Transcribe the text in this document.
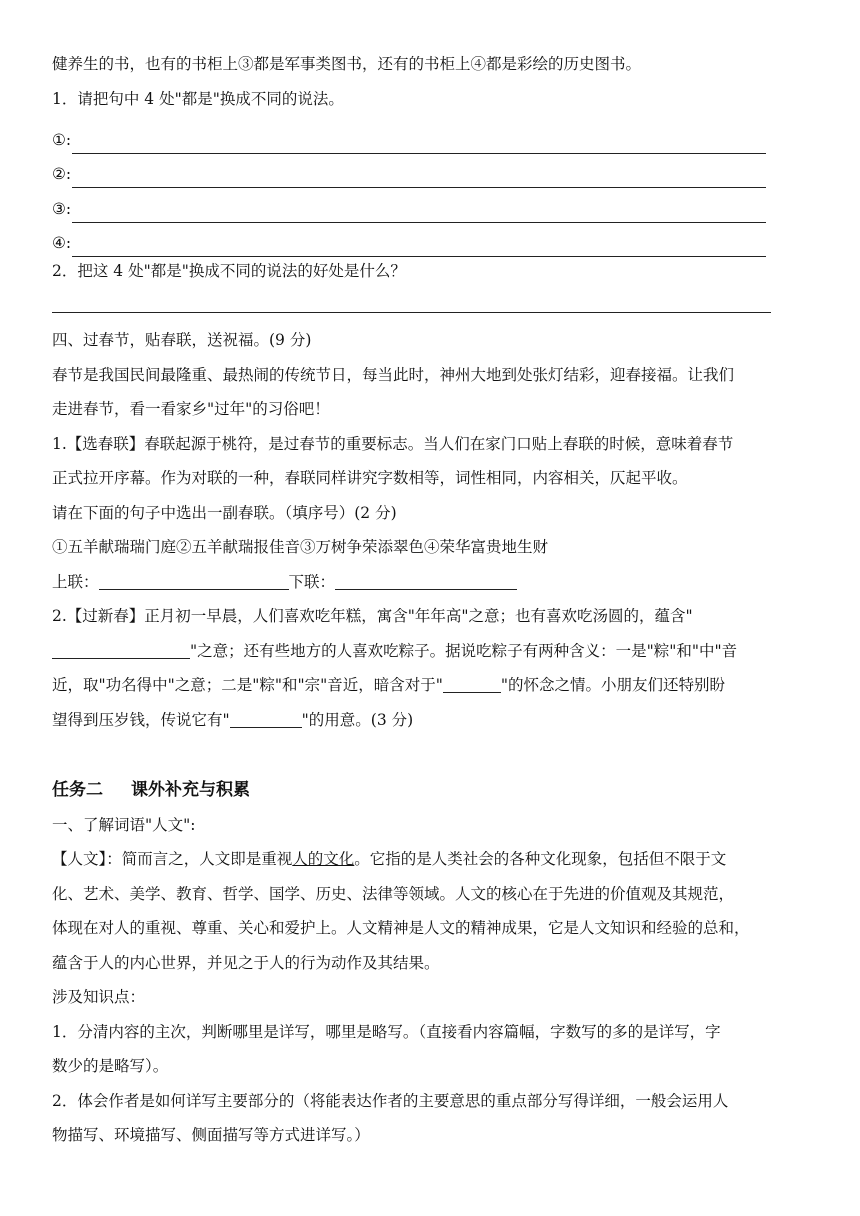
健养生的书，也有的书柜上③都是军事类图书，还有的书柜上④都是彩绘的历史图书。
1．请把句中 4 处"都是"换成不同的说法。
①:
②:
③:
④:
2．把这 4 处"都是"换成不同的说法的好处是什么？
四、过春节，贴春联，送祝福。(9 分)
春节是我国民间最隆重、最热闹的传统节日，每当此时，神州大地到处张灯结彩，迎春接福。让我们
走进春节，看一看家乡"过年"的习俗吧！
1.【选春联】春联起源于桃符，是过春节的重要标志。当人们在家门口贴上春联的时候，意味着春节
正式拉开序幕。作为对联的一种，春联同样讲究字数相等，词性相同，内容相关，仄起平收。
请在下面的句子中选出一副春联。（填序号）(2 分)
①五羊献瑞瑞门庭②五羊献瑞报佳音③万树争荣添翠色④荣华富贵地生财
上联：	下联：
2.【过新春】正月初一早晨，人们喜欢吃年糕，寓含"年年高"之意；也有喜欢吃汤圆的，蕴含"
"之意；还有些地方的人喜欢吃粽子。据说吃粽子有两种含义：一是"粽"和"中"音
近，取"功名得中"之意；二是"粽"和"宗"音近，暗含对于"	"的怀念之情。小朋友们还特别盼
望得到压岁钱，传说它有"	"的用意。(3 分)
任务二 课外补充与积累
一、了解词语"人文":
【人文】：简而言之，人文即是重视人的文化。它指的是人类社会的各种文化现象，包括但不限于文
化、艺术、美学、教育、哲学、国学、历史、法律等领域。人文的核心在于先进的价值观及其规范，
体现在对人的重视、尊重、关心和爱护上。人文精神是人文的精神成果，它是人文知识和经验的总和，
蕴含于人的内心世界，并见之于人的行为动作及其结果。
涉及知识点：
1．分清内容的主次，判断哪里是详写，哪里是略写。（直接看内容篇幅，字数写的多的是详写，字
数少的是略写）。
2．体会作者是如何详写主要部分的（将能表达作者的主要意思的重点部分写得详细，一般会运用人
物描写、环境描写、侧面描写等方式进详写。）
